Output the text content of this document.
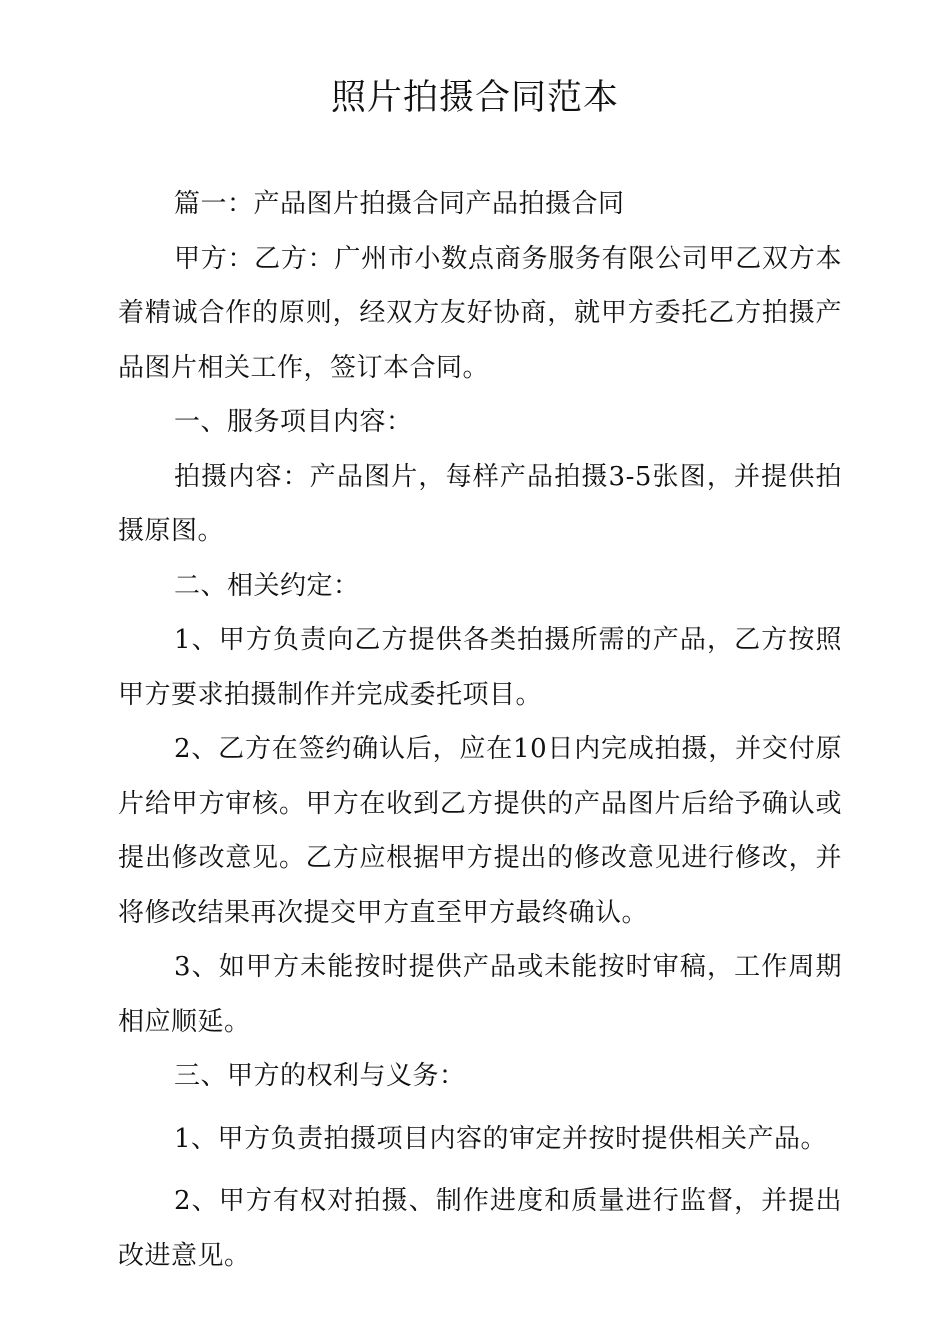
照片拍摄合同范本

篇一：产品图片拍摄合同产品拍摄合同

甲方：乙方：广州市小数点商务服务有限公司甲乙双方本着精诚合作的原则，经双方友好协商，就甲方委托乙方拍摄产品图片相关工作，签订本合同。

一、服务项目内容：

拍摄内容：产品图片，每样产品拍摄3-5张图，并提供拍摄原图。

二、相关约定：

1、甲方负责向乙方提供各类拍摄所需的产品，乙方按照甲方要求拍摄制作并完成委托项目。

2、乙方在签约确认后，应在10日内完成拍摄，并交付原片给甲方审核。甲方在收到乙方提供的产品图片后给予确认或提出修改意见。乙方应根据甲方提出的修改意见进行修改，并将修改结果再次提交甲方直至甲方最终确认。

3、如甲方未能按时提供产品或未能按时审稿，工作周期相应顺延。

三、甲方的权利与义务：

1、甲方负责拍摄项目内容的审定并按时提供相关产品。

2、甲方有权对拍摄、制作进度和质量进行监督，并提出改进意见。
